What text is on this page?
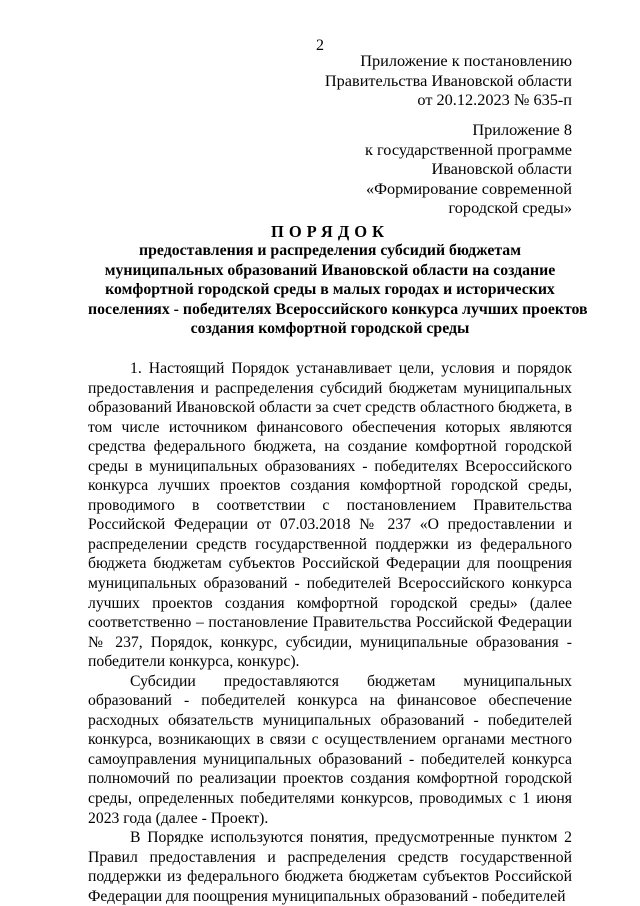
2
Приложение к постановлению
Правительства Ивановской области
от 20.12.2023 № 635-п
Приложение 8
к государственной программе
Ивановской области
«Формирование современной
городской среды»
ПОРЯДОК
предоставления и распределения субсидий бюджетам
муниципальных образований Ивановской области на создание
комфортной городской среды в малых городах и исторических
поселениях - победителях Всероссийского конкурса лучших проектов
создания комфортной городской среды

1. Настоящий Порядок устанавливает цели, условия и порядок предоставления и распределения субсидий бюджетам муниципальных образований Ивановской области за счет средств областного бюджета, в том числе источником финансового обеспечения которых являются средства федерального бюджета, на создание комфортной городской среды в муниципальных образованиях - победителях Всероссийского конкурса лучших проектов создания комфортной городской среды, проводимого в соответствии с постановлением Правительства Российской Федерации от 07.03.2018 № 237 «О предоставлении и распределении средств государственной поддержки из федерального бюджета бюджетам субъектов Российской Федерации для поощрения муниципальных образований - победителей Всероссийского конкурса лучших проектов создания комфортной городской среды» (далее соответственно – постановление Правительства Российской Федерации № 237, Порядок, конкурс, субсидии, муниципальные образования - победители конкурса, конкурс).

Субсидии предоставляются бюджетам муниципальных образований - победителей конкурса на финансовое обеспечение расходных обязательств муниципальных образований - победителей конкурса, возникающих в связи с осуществлением органами местного самоуправления муниципальных образований - победителей конкурса полномочий по реализации проектов создания комфортной городской среды, определенных победителями конкурсов, проводимых с 1 июня 2023 года (далее - Проект).

В Порядке используются понятия, предусмотренные пунктом 2 Правил предоставления и распределения средств государственной поддержки из федерального бюджета бюджетам субъектов Российской Федерации для поощрения муниципальных образований - победителей
